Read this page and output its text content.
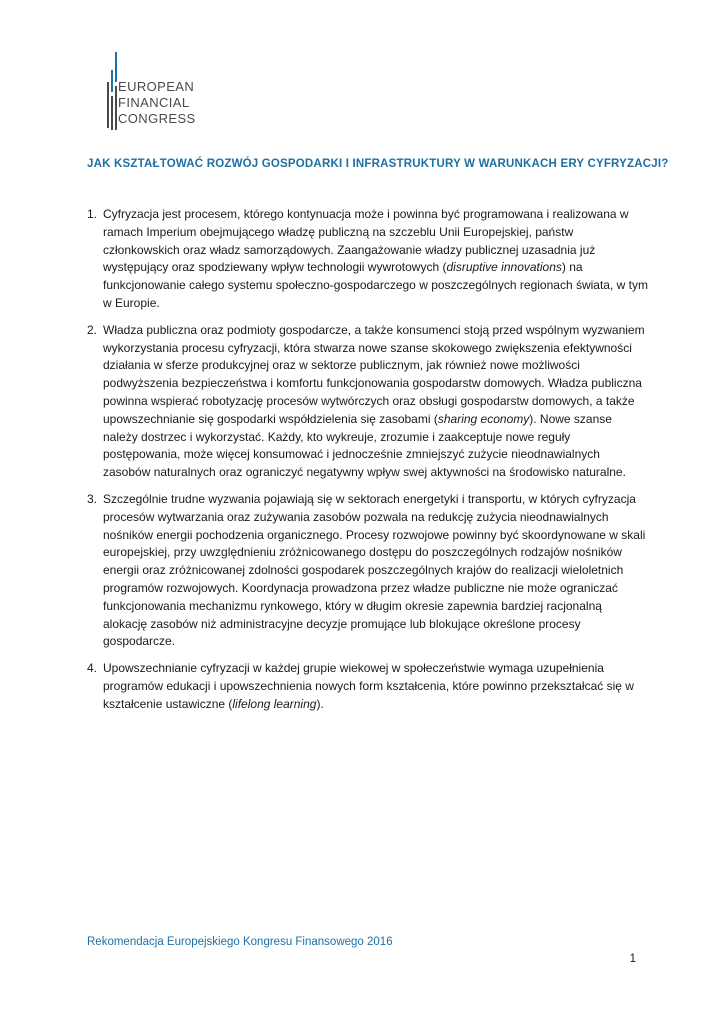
EUROPEAN
FINANCIAL
CONGRESS
JAK KSZTAŁTOWAĆ ROZWÓJ GOSPODARKI I INFRASTRUKTURY W WARUNKACH ERY CYFRYZACJI?
1. Cyfryzacja jest procesem, którego kontynuacja może i powinna być programowana i realizowana w ramach Imperium obejmującego władzę publiczną na szczeblu Unii Europejskiej, państw członkowskich oraz władz samorządowych. Zaangażowanie władzy publicznej uzasadnia już występujący oraz spodziewany wpływ technologii wywrotowych (disruptive innovations) na funkcjonowanie całego systemu społeczno-gospodarczego w poszczególnych regionach świata, w tym w Europie.
2. Władza publiczna oraz podmioty gospodarcze, a także konsumenci stoją przed wspólnym wyzwaniem wykorzystania procesu cyfryzacji, która stwarza nowe szanse skokowego zwiększenia efektywności działania w sferze produkcyjnej oraz w sektorze publicznym, jak również nowe możliwości podwyższenia bezpieczeństwa i komfortu funkcjonowania gospodarstw domowych. Władza publiczna powinna wspierać robotyzację procesów wytwórczych oraz obsługi gospodarstw domowych, a także upowszechnianie się gospodarki współdzielenia się zasobami (sharing economy). Nowe szanse należy dostrzec i wykorzystać. Każdy, kto wykreuje, zrozumie i zaakceptuje nowe reguły postępowania, może więcej konsumować i jednocześnie zmniejszyć zużycie nieodnawialnych zasobów naturalnych oraz ograniczyć negatywny wpływ swej aktywności na środowisko naturalne.
3. Szczególnie trudne wyzwania pojawiają się w sektorach energetyki i transportu, w których cyfryzacja procesów wytwarzania oraz zużywania zasobów pozwala na redukcję zużycia nieodnawialnych nośników energii pochodzenia organicznego. Procesy rozwojowe powinny być skoordynowane w skali europejskiej, przy uwzględnieniu zróżnicowanego dostępu do poszczególnych rodzajów nośników energii oraz zróżnicowanej zdolności gospodarek poszczególnych krajów do realizacji wieloletnich programów rozwojowych. Koordynacja prowadzona przez władze publiczne nie może ograniczać funkcjonowania mechanizmu rynkowego, który w długim okresie zapewnia bardziej racjonalną alokację zasobów niż administracyjne decyzje promujące lub blokujące określone procesy gospodarcze.
4. Upowszechnianie cyfryzacji w każdej grupie wiekowej w społeczeństwie wymaga uzupełnienia programów edukacji i upowszechnienia nowych form kształcenia, które powinno przekształcać się w kształcenie ustawiczne (lifelong learning).
Rekomendacja Europejskiego Kongresu Finansowego 2016
1
